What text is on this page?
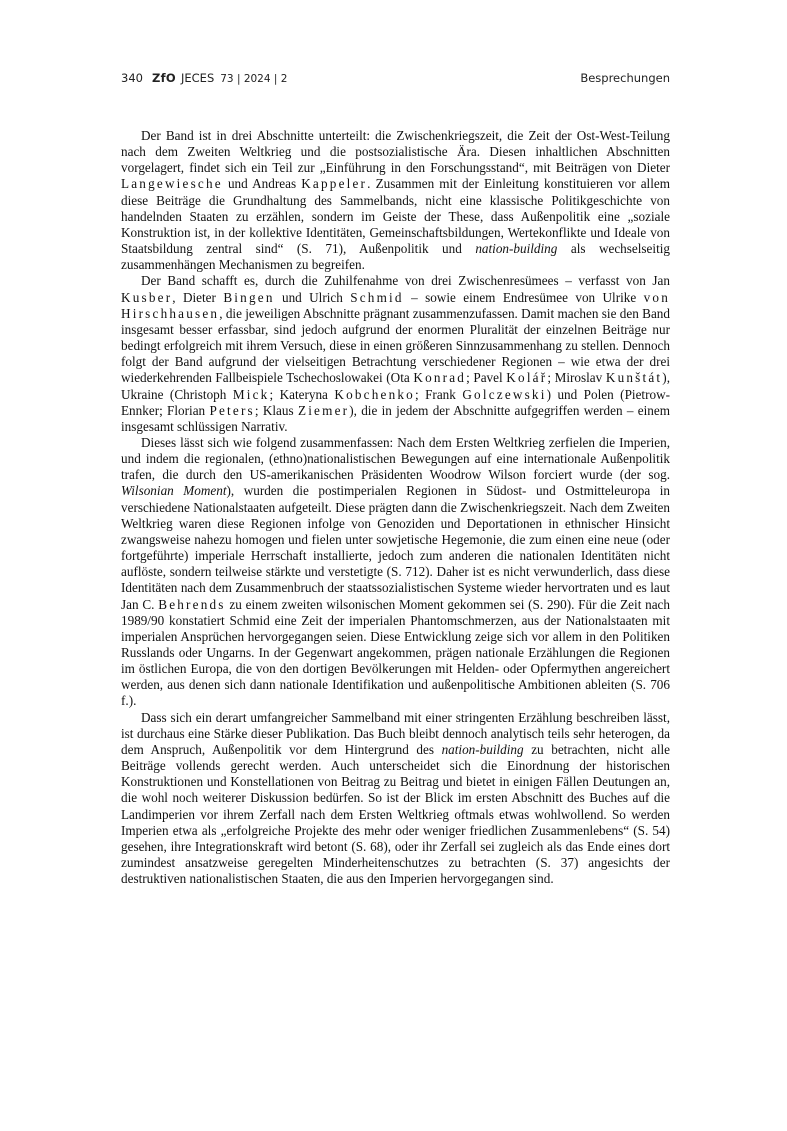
340 ZfO JECES 73 | 2024 | 2	Besprechungen

Der Band ist in drei Abschnitte unterteilt: die Zwischenkriegszeit, die Zeit der Ost-West-Teilung nach dem Zweiten Weltkrieg und die postsozialistische Ära. Diesen inhaltlichen Abschnitten vorgelagert, findet sich ein Teil zur „Einführung in den Forschungsstand“, mit Beiträgen von Dieter Langewiesche und Andreas Kappeler. Zusammen mit der Einleitung konstituieren vor allem diese Beiträge die Grundhaltung des Sammelbands, nicht eine klassische Politikgeschichte von handelnden Staaten zu erzählen, sondern im Geiste der These, dass Außenpolitik eine „soziale Konstruktion ist, in der kollektive Identitäten, Gemeinschaftsbildungen, Wertekonflikte und Ideale von Staatsbildung zentral sind“ (S. 71), Außenpolitik und nation-building als wechselseitig zusammenhängen Mechanismen zu begreifen.

Der Band schafft es, durch die Zuhilfenahme von drei Zwischenresümees – verfasst von Jan Kusber, Dieter Bingen und Ulrich Schmid – sowie einem Endresümee von Ulrike von Hirschhausen, die jeweiligen Abschnitte prägnant zusammenzufassen. Damit machen sie den Band insgesamt besser erfassbar, sind jedoch aufgrund der enormen Pluralität der einzelnen Beiträge nur bedingt erfolgreich mit ihrem Versuch, diese in einen größeren Sinnzusammenhang zu stellen. Dennoch folgt der Band aufgrund der vielseitigen Betrachtung verschiedener Regionen – wie etwa der drei wiederkehrenden Fallbeispiele Tschechoslowakei (Ota Konrad; Pavel Kolář; Miroslav Kunštát), Ukraine (Christoph Mick; Kateryna Kobchenko; Frank Golczewski) und Polen (Pietrow-Ennker; Florian Peters; Klaus Ziemer), die in jedem der Abschnitte aufgegriffen werden – einem insgesamt schlüssigen Narrativ.

Dieses lässt sich wie folgend zusammenfassen: Nach dem Ersten Weltkrieg zerfielen die Imperien, und indem die regionalen, (ethno)nationalistischen Bewegungen auf eine internationale Außenpolitik trafen, die durch den US-amerikanischen Präsidenten Woodrow Wilson forciert wurde (der sog. Wilsonian Moment), wurden die postimperialen Regionen in Südost- und Ostmitteleuropa in verschiedene Nationalstaaten aufgeteilt. Diese prägten dann die Zwischenkriegszeit. Nach dem Zweiten Weltkrieg waren diese Regionen infolge von Genoziden und Deportationen in ethnischer Hinsicht zwangsweise nahezu homogen und fielen unter sowjetische Hegemonie, die zum einen eine neue (oder fortgeführte) imperiale Herrschaft installierte, jedoch zum anderen die nationalen Identitäten nicht auflöste, sondern teilweise stärkte und verstetigte (S. 712). Daher ist es nicht verwunderlich, dass diese Identitäten nach dem Zusammenbruch der staatssozialistischen Systeme wieder hervortraten und es laut Jan C. Behrends zu einem zweiten wilsonischen Moment gekommen sei (S. 290). Für die Zeit nach 1989/90 konstatiert Schmid eine Zeit der imperialen Phantomschmerzen, aus der Nationalstaaten mit imperialen Ansprüchen hervorgegangen seien. Diese Entwicklung zeige sich vor allem in den Politiken Russlands oder Ungarns. In der Gegenwart angekommen, prägen nationale Erzählungen die Regionen im östlichen Europa, die von den dortigen Bevölkerungen mit Helden- oder Opfermythen angereichert werden, aus denen sich dann nationale Identifikation und außenpolitische Ambitionen ableiten (S. 706 f.).

Dass sich ein derart umfangreicher Sammelband mit einer stringenten Erzählung beschreiben lässt, ist durchaus eine Stärke dieser Publikation. Das Buch bleibt dennoch analytisch teils sehr heterogen, da dem Anspruch, Außenpolitik vor dem Hintergrund des nation-building zu betrachten, nicht alle Beiträge vollends gerecht werden. Auch unterscheidet sich die Einordnung der historischen Konstruktionen und Konstellationen von Beitrag zu Beitrag und bietet in einigen Fällen Deutungen an, die wohl noch weiterer Diskussion bedürfen. So ist der Blick im ersten Abschnitt des Buches auf die Landimperien vor ihrem Zerfall nach dem Ersten Weltkrieg oftmals etwas wohlwollend. So werden Imperien etwa als „erfolgreiche Projekte des mehr oder weniger friedlichen Zusammenlebens“ (S. 54) gesehen, ihre Integrationskraft wird betont (S. 68), oder ihr Zerfall sei zugleich als das Ende eines dort zumindest ansatzweise geregelten Minderheitenschutzes zu betrachten (S. 37) angesichts der destruktiven nationalistischen Staaten, die aus den Imperien hervorgegangen sind.
